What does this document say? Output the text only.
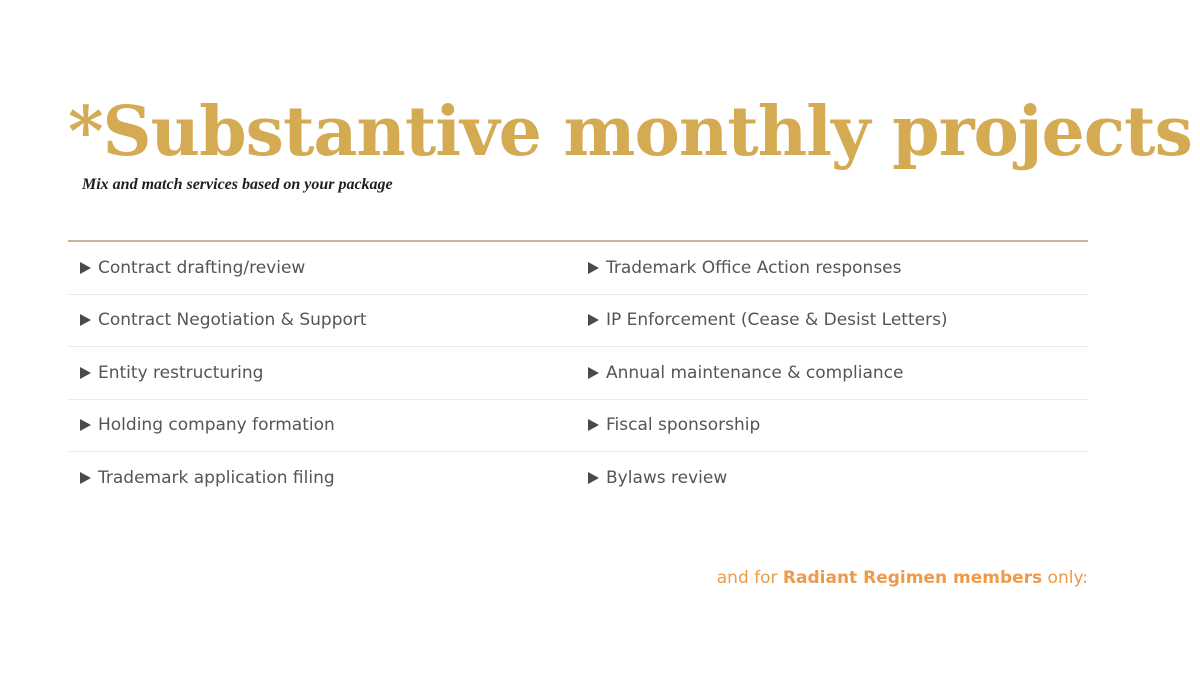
*Substantive monthly projects
Mix and match services based on your package
Contract drafting/review	Trademark Office Action responses
Contract Negotiation & Support	IP Enforcement (Cease & Desist Letters)
Entity restructuring	Annual maintenance & compliance
Holding company formation	Fiscal sponsorship
Trademark application filing	Bylaws review
and for Radiant Regimen members only:
